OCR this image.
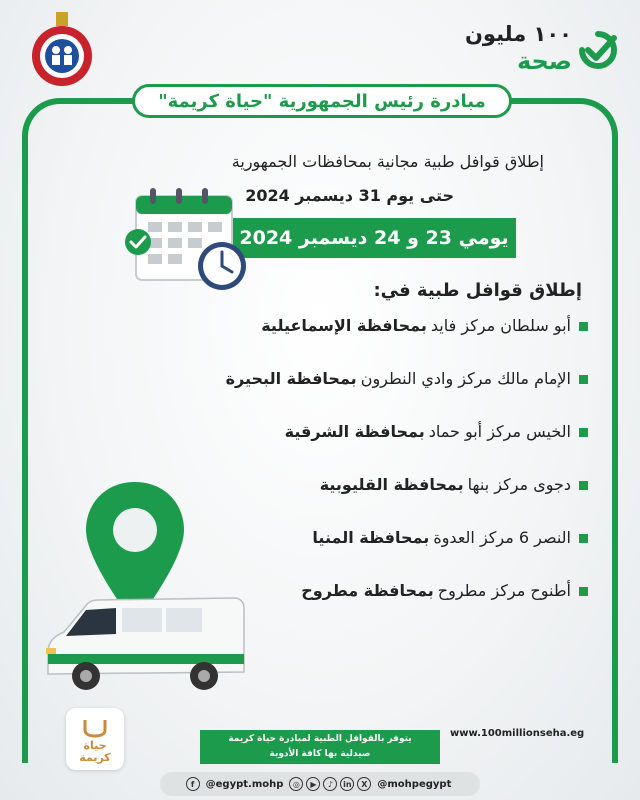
١٠٠ مليون
صحة
مبادرة رئيس الجمهورية "حياة كريمة"
إطلاق قوافل طبية مجانية بمحافظات الجمهورية
حتى يوم 31 ديسمبر 2024
يومي 23 و 24 ديسمبر 2024
إطلاق قوافل طبية في:
أبو سلطان مركز فايد
بمحافظة الإسماعيلية
الإمام مالك مركز وادي النطرون
بمحافظة البحيرة
الخيس مركز أبو حماد
بمحافظة الشرقية
دجوى مركز بنها
بمحافظة القليوبية
النصر 6 مركز العدوة
بمحافظة المنيا
أطنوح مركز مطروح
بمحافظة مطروح
حياة كريمة
يتوفر بالقوافل الطبية لمبادرة حياة كريمة
صيدلية بها كافة الأدوية
www.100millionseha.eg
f	@egypt.mohp	◎	▶	♪	in	X @mohpegypt
